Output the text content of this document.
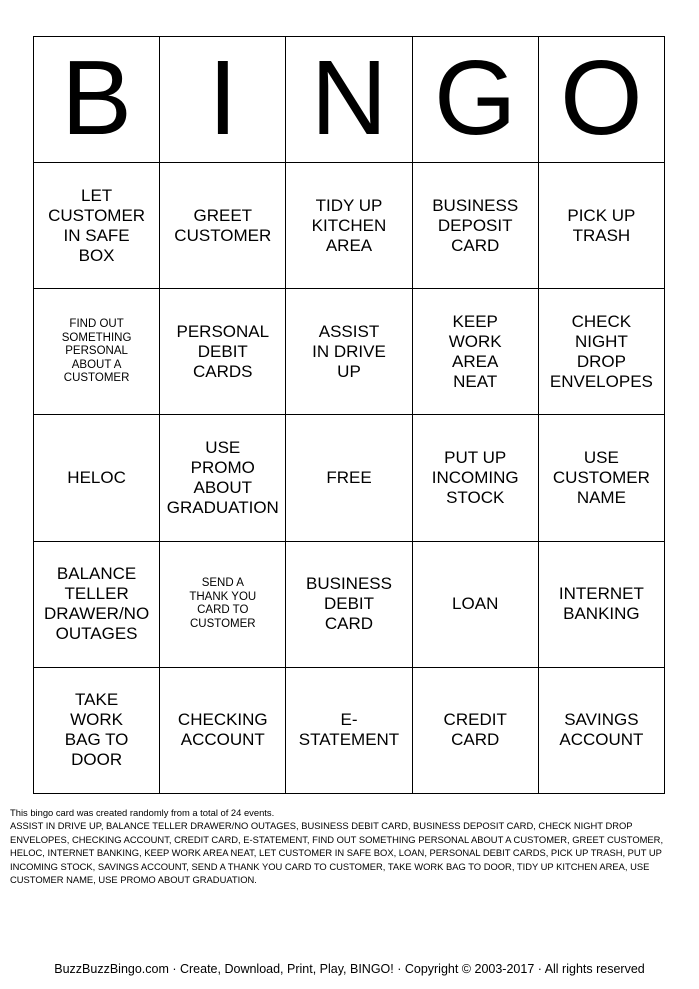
B I N G O
LET
CUSTOMER
IN SAFE
BOX
GREET
CUSTOMER
TIDY UP
KITCHEN
AREA
BUSINESS
DEPOSIT
CARD
PICK UP
TRASH
FIND OUT
SOMETHING
PERSONAL
ABOUT A
CUSTOMER
PERSONAL
DEBIT
CARDS
ASSIST
IN DRIVE
UP
KEEP
WORK
AREA
NEAT
CHECK
NIGHT
DROP
ENVELOPES
HELOC
USE
PROMO
ABOUT
GRADUATION
FREE
PUT UP
INCOMING
STOCK
USE
CUSTOMER
NAME
BALANCE
TELLER
DRAWER/NO
OUTAGES
SEND A
THANK YOU
CARD TO
CUSTOMER
BUSINESS
DEBIT
CARD
LOAN
INTERNET
BANKING
TAKE
WORK
BAG TO
DOOR
CHECKING
ACCOUNT
E-STATEMENT
CREDIT
CARD
SAVINGS
ACCOUNT
This bingo card was created randomly from a total of 24 events.
ASSIST IN DRIVE UP, BALANCE TELLER DRAWER/NO OUTAGES, BUSINESS DEBIT CARD, BUSINESS DEPOSIT CARD, CHECK NIGHT DROP ENVELOPES, CHECKING ACCOUNT, CREDIT CARD, E-STATEMENT, FIND OUT SOMETHING PERSONAL ABOUT A CUSTOMER, GREET CUSTOMER, HELOC, INTERNET BANKING, KEEP WORK AREA NEAT, LET CUSTOMER IN SAFE BOX, LOAN, PERSONAL DEBIT CARDS, PICK UP TRASH, PUT UP INCOMING STOCK, SAVINGS ACCOUNT, SEND A THANK YOU CARD TO CUSTOMER, TAKE WORK BAG TO DOOR, TIDY UP KITCHEN AREA, USE CUSTOMER NAME, USE PROMO ABOUT GRADUATION.
BuzzBuzzBingo.com · Create, Download, Print, Play, BINGO! · Copyright © 2003-2017 · All rights reserved
